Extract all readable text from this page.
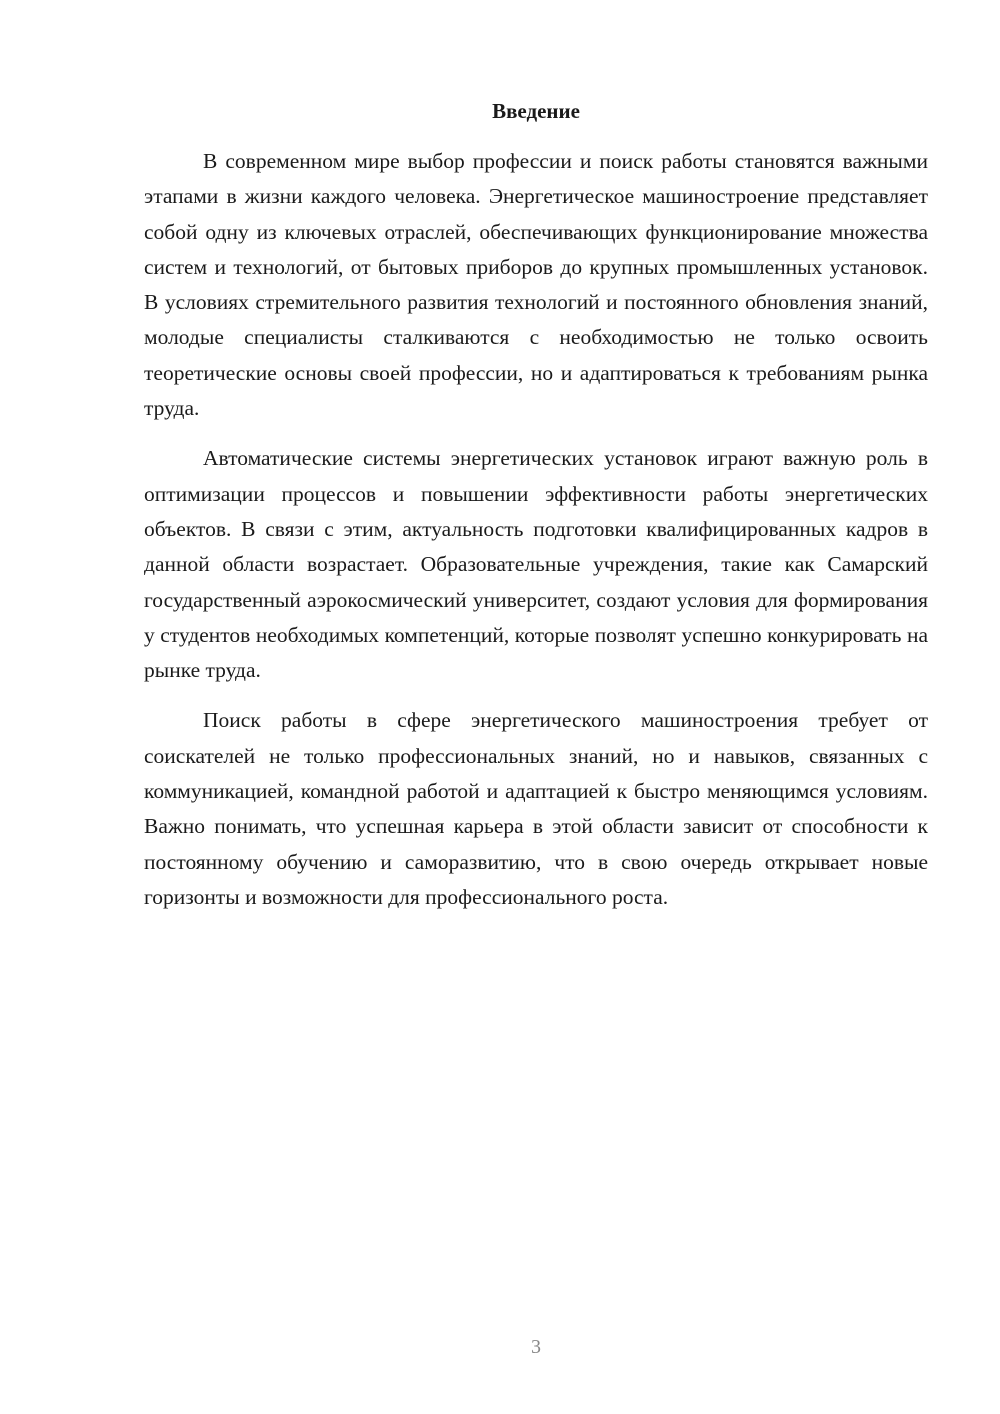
Введение

В современном мире выбор профессии и поиск работы становятся важными этапами в жизни каждого человека. Энергетическое машиностроение представляет собой одну из ключевых отраслей, обеспечивающих функционирование множества систем и технологий, от бытовых приборов до крупных промышленных установок. В условиях стремительного развития технологий и постоянного обновления знаний, молодые специалисты сталкиваются с необходимостью не только освоить теоретические основы своей профессии, но и адаптироваться к требованиям рынка труда.

Автоматические системы энергетических установок играют важную роль в оптимизации процессов и повышении эффективности работы энергетических объектов. В связи с этим, актуальность подготовки квалифицированных кадров в данной области возрастает. Образовательные учреждения, такие как Самарский государственный аэрокосмический университет, создают условия для формирования у студентов необходимых компетенций, которые позволят успешно конкурировать на рынке труда.

Поиск работы в сфере энергетического машиностроения требует от соискателей не только профессиональных знаний, но и навыков, связанных с коммуникацией, командной работой и адаптацией к быстро меняющимся условиям. Важно понимать, что успешная карьера в этой области зависит от способности к постоянному обучению и саморазвитию, что в свою очередь открывает новые горизонты и возможности для профессионального роста.

3
